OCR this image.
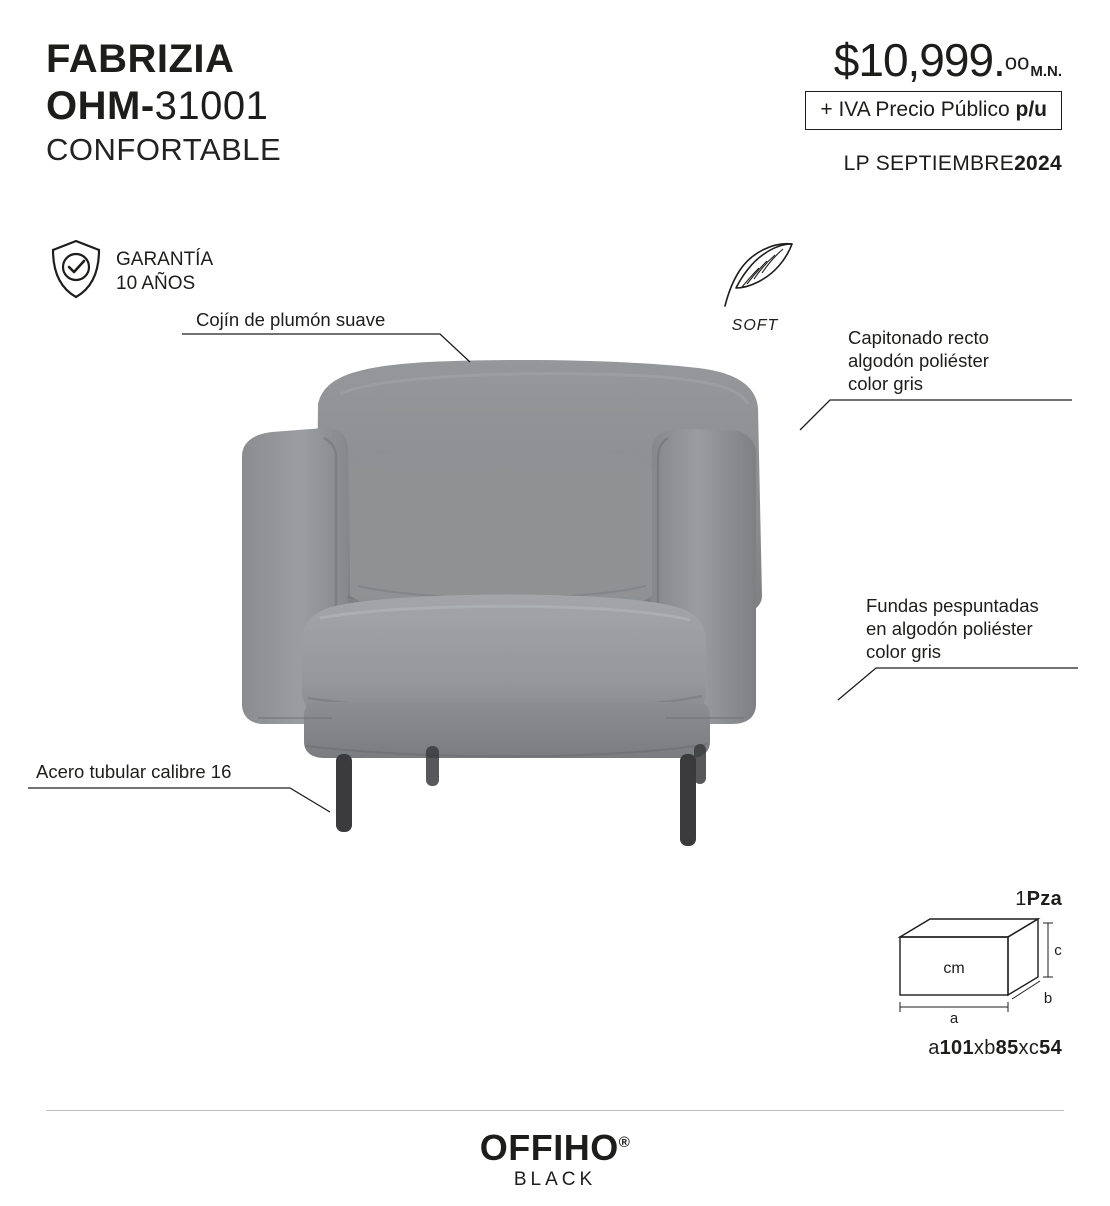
FABRIZIA
OHM-31001
CONFORTABLE
$10,999.ooM.N.
+ IVA Precio Público p/u
LP SEPTIEMBRE2024
GARANTÍA
10 AÑOS
SOFT
Cojín de plumón suave
Capitonado recto
algodón poliéster
color gris
Fundas pespuntadas
en algodón poliéster
color gris
Acero tubular calibre 16
1Pza
cm
a
b
c
a101xb85xc54
OFFIHO®
BLACK
